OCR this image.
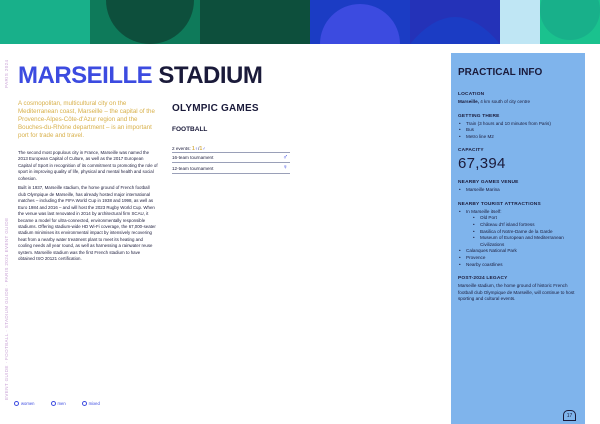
PARIS 2024
EVENT GUIDE · FOOTBALL · STADIUM GUIDE · PARIS 2024 EVENT GUIDE
MARSEILLE STADIUM
A cosmopolitan, multicultural city on the Mediterranean coast, Marseille – the capital of the Provence-Alpes-Côte-d'Azur region and the Bouches-du-Rhône department – is an important port for trade and travel.

The second most populous city in France, Marseille was named the 2013 European Capital of Culture, as well as the 2017 European Capital of Sport in recognition of its commitment to promoting the role of sport in improving quality of life, physical and mental health and social cohesion.

Built in 1937, Marseille stadium, the home ground of French football club Olympique de Marseille, has already hosted major international matches – including the FIFA World Cup in 1938 and 1998, as well as Euro 1984 and 2016 – and will host the 2023 Rugby World Cup. When the venue was last renovated in 2014 by architectural firm SCAU, it became a model for ultra-connected, environmentally responsible stadiums. Offering stadium-wide HD Wi-Fi coverage, the 67,000-seater stadium minimises its environmental impact by intensively recovering heat from a nearby water treatment plant to meet its heating and cooling needs all year round, as well as harnessing a rainwater reuse system. Marseille stadium was the first French stadium to have obtained ISO 20121 certification.

OLYMPIC GAMES
FOOTBALL
2 events: 1♀/1♂
16-team tournament	♂
12-team tournament	♀
women	men	mixed
PRACTICAL INFO
LOCATION
Marseille, 4 km south of city centre
GETTING THERE
• Train (3 hours and 10 minutes from Paris)
• Bus
• Metro line M2
CAPACITY
67,394
NEARBY GAMES VENUE
• Marseille Marina
NEARBY TOURIST ATTRACTIONS
• In Marseille itself:
• Old Port
• Château d'If island fortress
• Basilica of Notre-Dame de la Garde
• Museum of European and Mediterranean Civilizations
• Calanques National Park
• Provence
• Nearby coastlines
POST-2024 LEGACY
Marseille stadium, the home ground of historic French football club Olympique de Marseille, will continue to host sporting and cultural events.
17
